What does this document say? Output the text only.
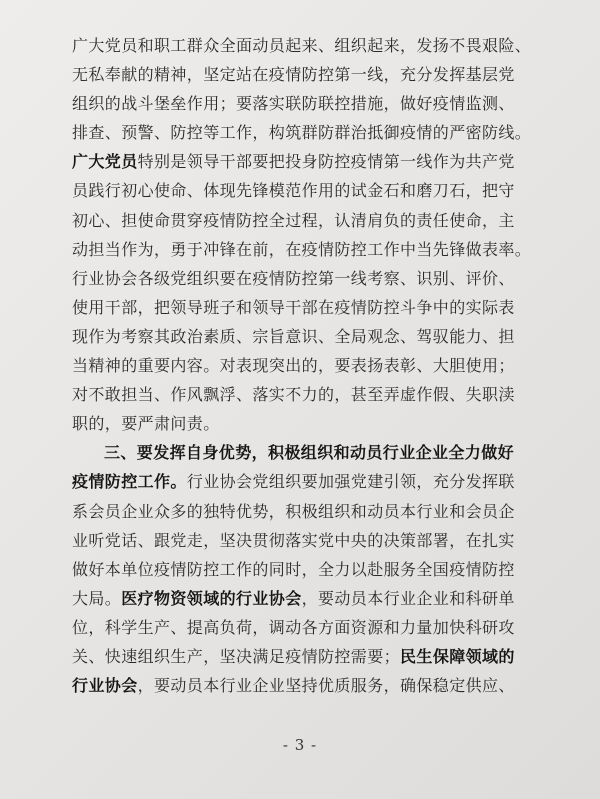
广大党员和职工群众全面动员起来、组织起来，发扬不畏艰险、
无私奉献的精神，坚定站在疫情防控第一线，充分发挥基层党
组织的战斗堡垒作用；要落实联防联控措施，做好疫情监测、
排查、预警、防控等工作，构筑群防群治抵御疫情的严密防线。
广大党员特别是领导干部要把投身防控疫情第一线作为共产党
员践行初心使命、体现先锋模范作用的试金石和磨刀石，把守
初心、担使命贯穿疫情防控全过程，认清肩负的责任使命，主
动担当作为，勇于冲锋在前，在疫情防控工作中当先锋做表率。
行业协会各级党组织要在疫情防控第一线考察、识别、评价、
使用干部，把领导班子和领导干部在疫情防控斗争中的实际表
现作为考察其政治素质、宗旨意识、全局观念、驾驭能力、担
当精神的重要内容。对表现突出的，要表扬表彰、大胆使用；
对不敢担当、作风飘浮、落实不力的，甚至弄虚作假、失职渎
职的，要严肃问责。
三、要发挥自身优势，积极组织和动员行业企业全力做好
疫情防控工作。行业协会党组织要加强党建引领，充分发挥联
系会员企业众多的独特优势，积极组织和动员本行业和会员企
业听党话、跟党走，坚决贯彻落实党中央的决策部署，在扎实
做好本单位疫情防控工作的同时，全力以赴服务全国疫情防控
大局。医疗物资领域的行业协会，要动员本行业企业和科研单
位，科学生产、提高负荷，调动各方面资源和力量加快科研攻
关、快速组织生产，坚决满足疫情防控需要；民生保障领域的
行业协会，要动员本行业企业坚持优质服务，确保稳定供应、
- 3 -
